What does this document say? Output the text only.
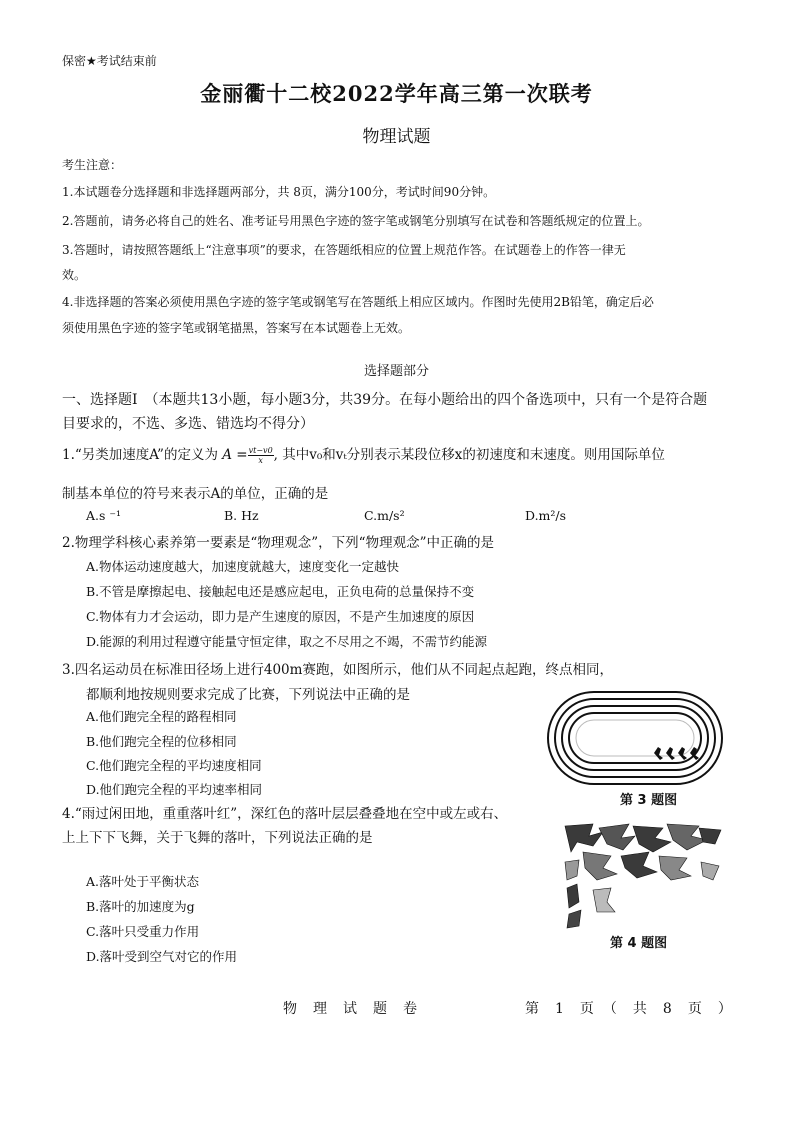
保密★考试结束前
金丽衢十二校2022学年高三第一次联考
物理试题
考生注意：
1.本试题卷分选择题和非选择题两部分，共 8页，满分100分，考试时间90分钟。
2.答题前，请务必将自己的姓名、准考证号用黑色字迹的签字笔或钢笔分别填写在试卷和答题纸规定的位置上。
3.答题时，请按照答题纸上“注意事项”的要求，在答题纸相应的位置上规范作答。在试题卷上的作答一律无
效。
4.非选择题的答案必须使用黑色字迹的签字笔或钢笔写在答题纸上相应区域内。作图时先使用2B铅笔，确定后必
须使用黑色字迹的签字笔或钢笔描黑，答案写在本试题卷上无效。
选择题部分
一、选择题Ⅰ　（本题共13小题，每小题3分，共39分。在每小题给出的四个备选项中，只有一个是符合题
目要求的，不选、多选、错选均不得分）
1.“另类加速度A”的定义为 $A = \frac{vt-v0}{x}$ , 其中v₀和vₜ分别表示某段位移x的初速度和末速度。则用国际单位
制基本单位的符号来表示A的单位，正确的是
A.s ⁻¹	B. Hz	C.m/s²	D.m²/s
2.物理学科核心素养第一要素是“物理观念”，下列“物理观念”中正确的是
A.物体运动速度越大，加速度就越大，速度变化一定越快
B.不管是摩擦起电、接触起电还是感应起电，正负电荷的总量保持不变
C.物体有力才会运动，即力是产生速度的原因，不是产生加速度的原因
D.能源的利用过程遵守能量守恒定律，取之不尽用之不竭，不需节约能源
3.四名运动员在标准田径场上进行400m赛跑，如图所示，他们从不同起点起跑，终点相同，
都顺利地按规则要求完成了比赛，下列说法中正确的是
A.他们跑完全程的路程相同
B.他们跑完全程的位移相同
C.他们跑完全程的平均速度相同
D.他们跑完全程的平均速率相同
第 3 题图
4.“雨过闲田地，重重落叶红”，深红色的落叶层层叠叠地在空中或左或右、
上上下下飞舞，关于飞舞的落叶，下列说法正确的是
A.落叶处于平衡状态
B.落叶的加速度为g
C.落叶只受重力作用
D.落叶受到空气对它的作用
第 4 题图
物　理　试　题　卷	第　1　页　（　共　8　页　）
